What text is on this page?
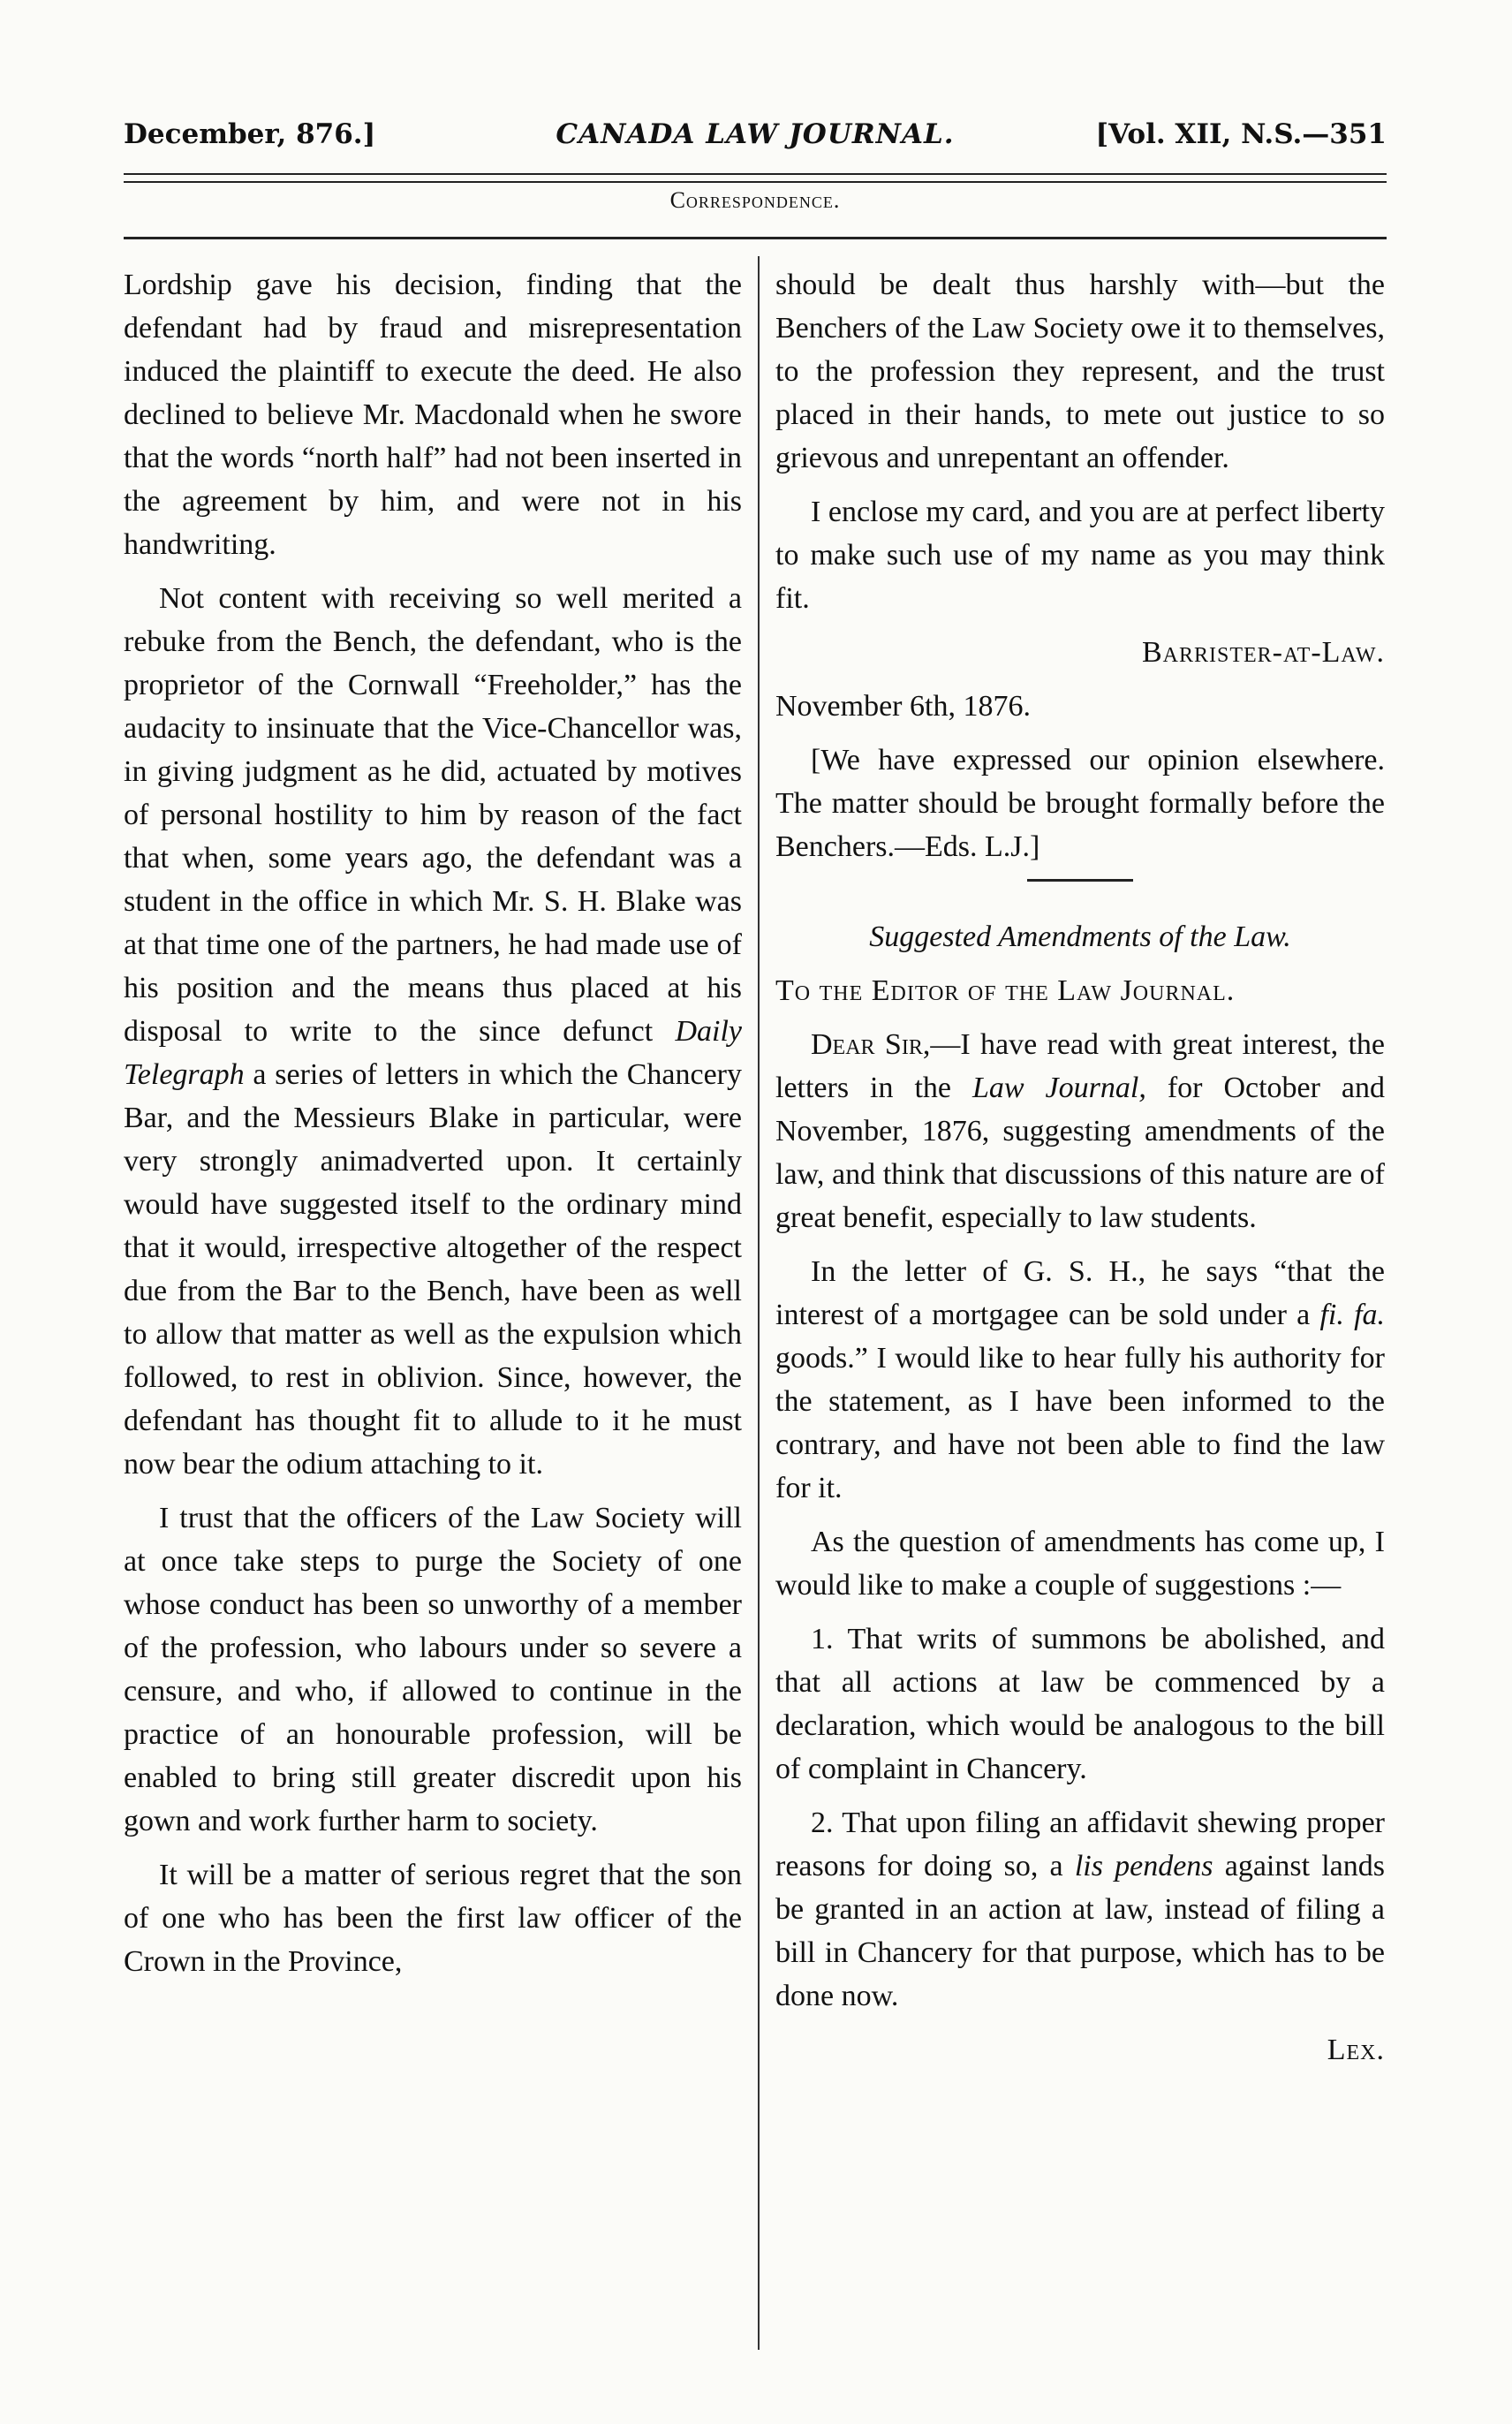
December, 876.]	CANADA LAW JOURNAL.	[Vol. XII, N.S.—351
Correspondence.

Lordship gave his decision, finding that the defendant had by fraud and misrepresentation induced the plaintiff to execute the deed. He also declined to believe Mr. Macdonald when he swore that the words “north half” had not been inserted in the agreement by him, and were not in his handwriting.

Not content with receiving so well merited a rebuke from the Bench, the defendant, who is the proprietor of the Cornwall “Freeholder,” has the audacity to insinuate that the Vice-Chancellor was, in giving judgment as he did, actuated by motives of personal hostility to him by reason of the fact that when, some years ago, the defendant was a student in the office in which Mr. S. H. Blake was at that time one of the partners, he had made use of his position and the means thus placed at his disposal to write to the since defunct Daily Telegraph a series of letters in which the Chancery Bar, and the Messieurs Blake in particular, were very strongly animadverted upon. It certainly would have suggested itself to the ordinary mind that it would, irrespective altogether of the respect due from the Bar to the Bench, have been as well to allow that matter as well as the expulsion which followed, to rest in oblivion. Since, however, the defendant has thought fit to allude to it he must now bear the odium attaching to it.

I trust that the officers of the Law Society will at once take steps to purge the Society of one whose conduct has been so unworthy of a member of the profession, who labours under so severe a censure, and who, if allowed to continue in the practice of an honourable profession, will be enabled to bring still greater discredit upon his gown and work further harm to society.

It will be a matter of serious regret that the son of one who has been the first law officer of the Crown in the Province,

should be dealt thus harshly with—but the Benchers of the Law Society owe it to themselves, to the profession they represent, and the trust placed in their hands, to mete out justice to so grievous and unrepentant an offender.

I enclose my card, and you are at perfect liberty to make such use of my name as you may think fit.

Barrister-at-Law.

November 6th, 1876.

[We have expressed our opinion elsewhere. The matter should be brought formally before the Benchers.—Eds. L.J.]

Suggested Amendments of the Law.

To the Editor of the Law Journal.

Dear Sir,—I have read with great interest, the letters in the Law Journal, for October and November, 1876, suggesting amendments of the law, and think that discussions of this nature are of great benefit, especially to law students.

In the letter of G. S. H., he says “that the interest of a mortgagee can be sold under a fi. fa. goods.” I would like to hear fully his authority for the statement, as I have been informed to the contrary, and have not been able to find the law for it.

As the question of amendments has come up, I would like to make a couple of suggestions :—

1. That writs of summons be abolished, and that all actions at law be commenced by a declaration, which would be analogous to the bill of complaint in Chancery.

2. That upon filing an affidavit shewing proper reasons for doing so, a lis pendens against lands be granted in an action at law, instead of filing a bill in Chancery for that purpose, which has to be done now.

Lex.
